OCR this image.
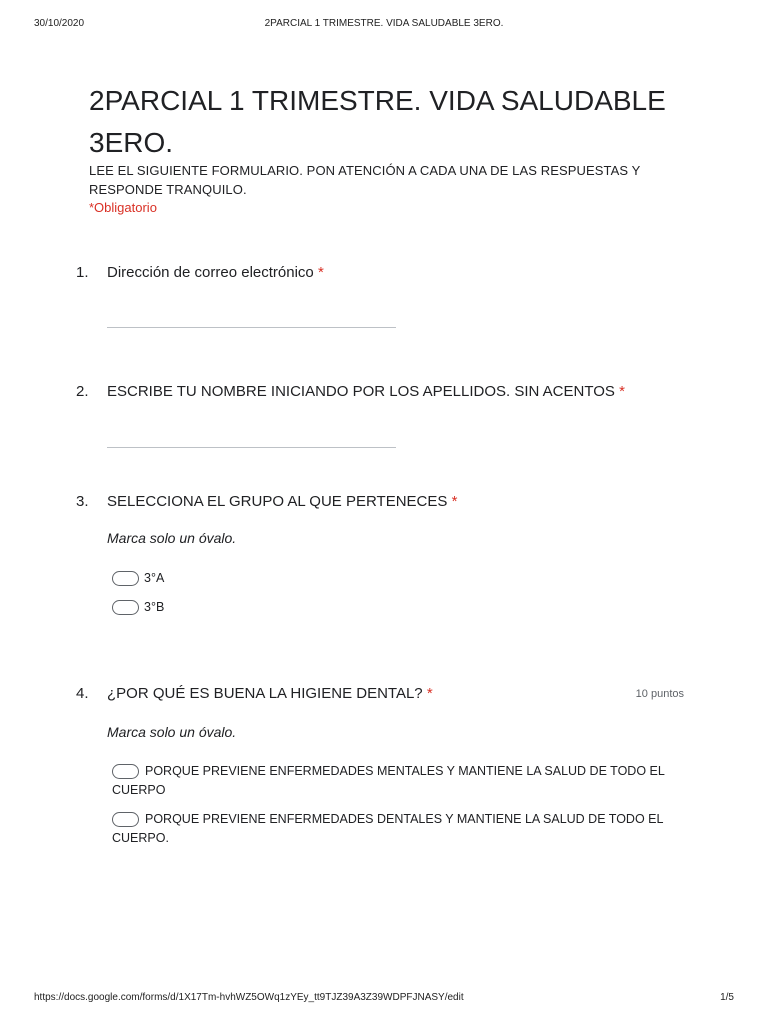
30/10/2020	2PARCIAL 1 TRIMESTRE. VIDA SALUDABLE 3ERO.
2PARCIAL 1 TRIMESTRE. VIDA SALUDABLE 3ERO.
LEE EL SIGUIENTE FORMULARIO. PON ATENCIÓN A CADA UNA DE LAS RESPUESTAS Y RESPONDE TRANQUILO.
*Obligatorio
1. Dirección de correo electrónico *
2. ESCRIBE TU NOMBRE INICIANDO POR LOS APELLIDOS. SIN ACENTOS *
3. SELECCIONA EL GRUPO AL QUE PERTENECES *
Marca solo un óvalo.
3°A
3°B
4. ¿POR QUÉ ES BUENA LA HIGIENE DENTAL? *	10 puntos
Marca solo un óvalo.
PORQUE PREVIENE ENFERMEDADES MENTALES Y MANTIENE LA SALUD DE TODO EL CUERPO
PORQUE PREVIENE ENFERMEDADES DENTALES Y MANTIENE LA SALUD DE TODO EL CUERPO.
https://docs.google.com/forms/d/1X17Tm-hvhWZ5OWq1zYEy_tt9TJZ39A3Z39WDPFJNASY/edit	1/5
